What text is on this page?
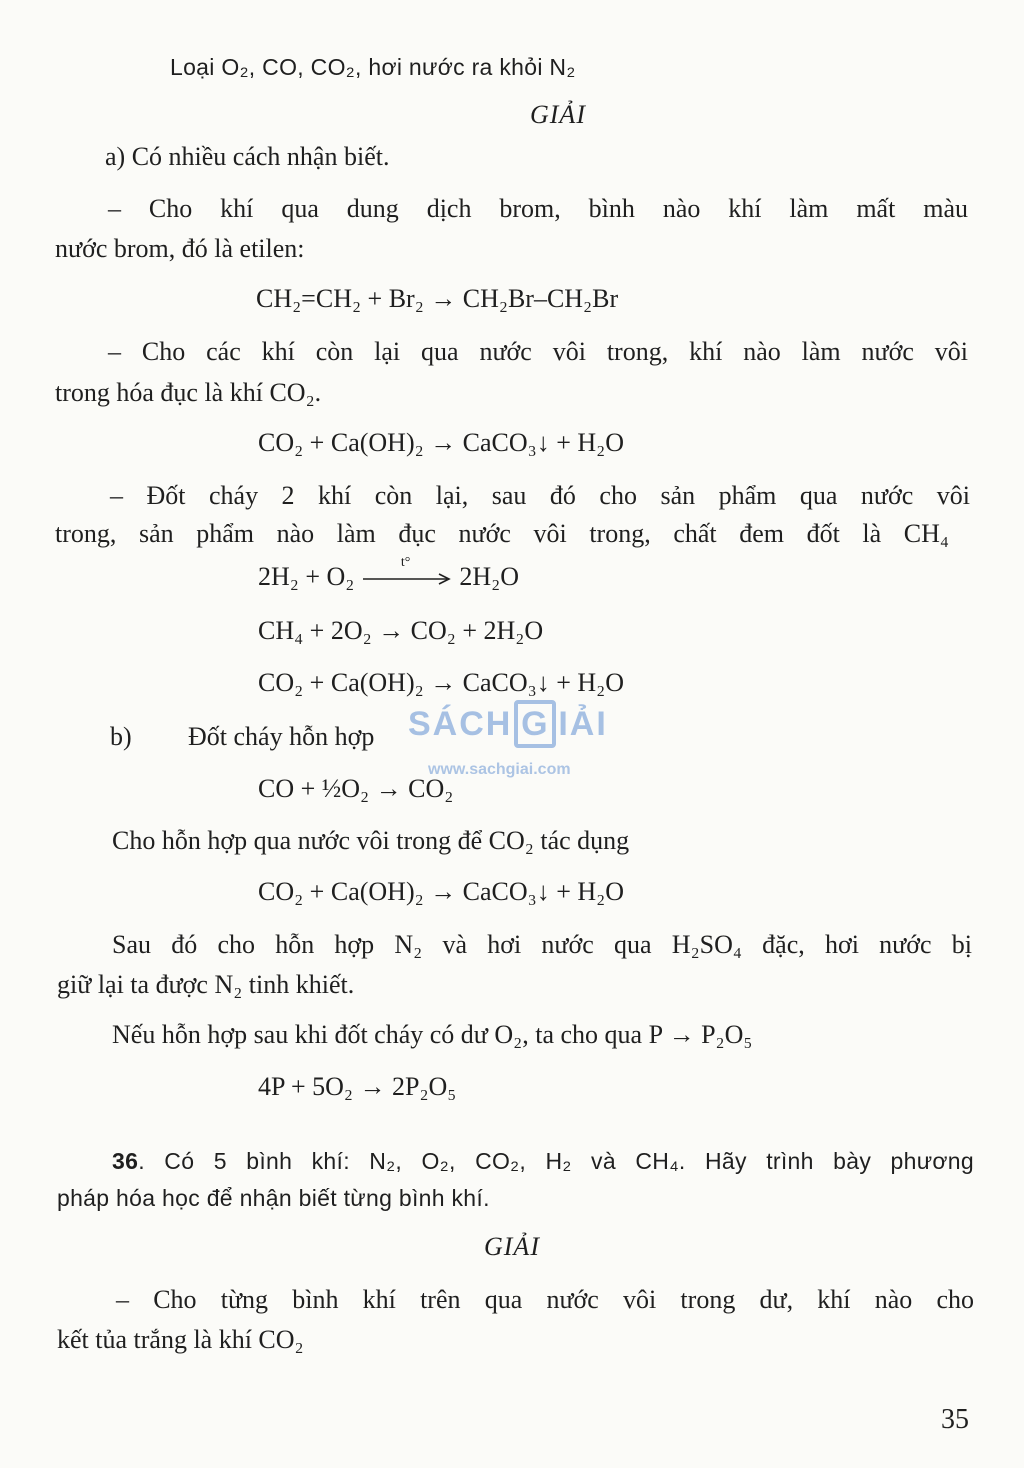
Loại O₂, CO, CO₂, hơi nước ra khỏi N₂
GIẢI
a) Có nhiều cách nhận biết.
– Cho khí qua dung dịch brom, bình nào khí làm mất màu
nước brom, đó là etilen:
CH₂=CH₂ + Br₂ → CH₂Br–CH₂Br
– Cho các khí còn lại qua nước vôi trong, khí nào làm nước vôi
trong hóa đục là khí CO₂.
CO₂ + Ca(OH)₂ → CaCO₃↓ + H₂O
– Đốt cháy 2 khí còn lại, sau đó cho sản phẩm qua nước vôi
trong, sản phẩm nào làm đục nước vôi trong, chất đem đốt là CH₄
2H₂ + O₂	t° 2H₂O
CH₄ + 2O₂ → CO₂ + 2H₂O
CO₂ + Ca(OH)₂ → CaCO₃↓ + H₂O
b) Đốt cháy hỗn hợp
CO + ½O₂ → CO₂
Cho hỗn hợp qua nước vôi trong để CO₂ tác dụng
CO₂ + Ca(OH)₂ → CaCO₃↓ + H₂O
Sau đó cho hỗn hợp N₂ và hơi nước qua H₂SO₄ đặc, hơi nước bị
giữ lại ta được N₂ tinh khiết.
Nếu hỗn hợp sau khi đốt cháy có dư O₂, ta cho qua P → P₂O₅
4P + 5O₂ → 2P₂O₅
36. Có 5 bình khí: N₂, O₂, CO₂, H₂ và CH₄. Hãy trình bày phương
pháp hóa học để nhận biết từng bình khí.
GIẢI
– Cho từng bình khí trên qua nước vôi trong dư, khí nào cho
kết tủa trắng là khí CO₂
SÁCH G IẢI
www.sachgiai.com
35
